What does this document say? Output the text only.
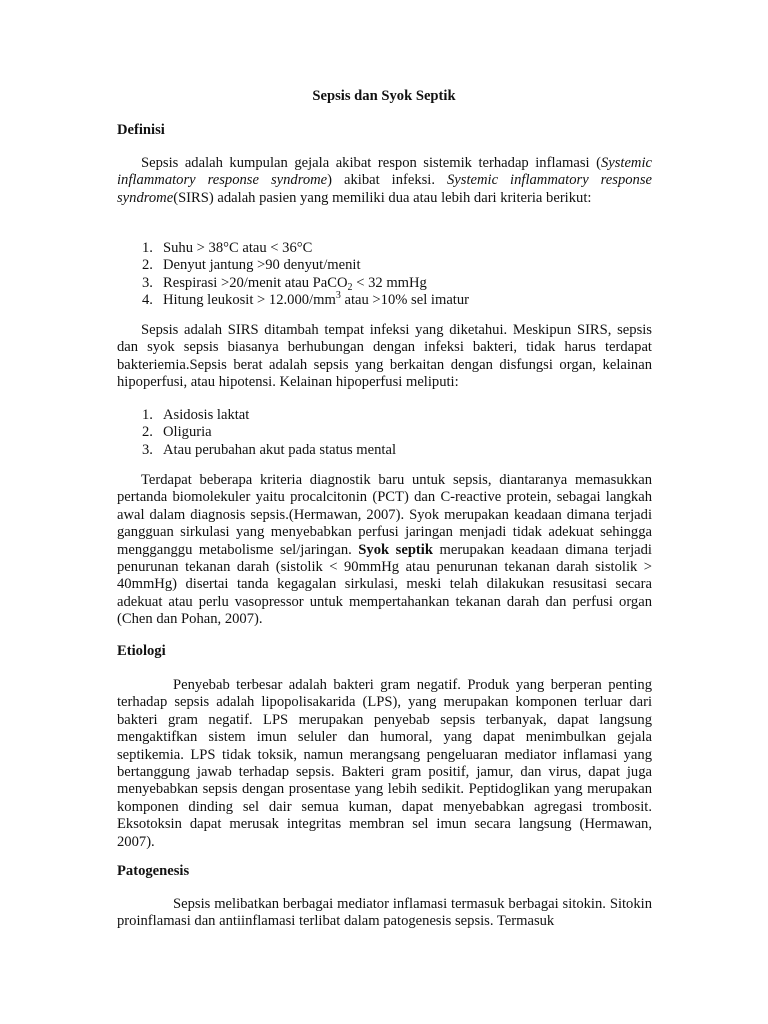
Sepsis dan Syok Septik
Definisi

Sepsis adalah kumpulan gejala akibat respon sistemik terhadap inflamasi (Systemic inflammatory response syndrome) akibat infeksi. Systemic inflammatory response syndrome(SIRS) adalah pasien yang memiliki dua atau lebih dari kriteria berikut:

1. Suhu > 38°C atau < 36°C
2. Denyut jantung >90 denyut/menit
3. Respirasi >20/menit atau PaCO$_2$ < 32 mmHg
4. Hitung leukosit > $12.000/mm^3$ atau >10% sel imatur

Sepsis adalah SIRS ditambah tempat infeksi yang diketahui. Meskipun SIRS, sepsis dan syok sepsis biasanya berhubungan dengan infeksi bakteri, tidak harus terdapat bakteriemia.Sepsis berat adalah sepsis yang berkaitan dengan disfungsi organ, kelainan hipoperfusi, atau hipotensi. Kelainan hipoperfusi meliputi:

1. Asidosis laktat
2. Oliguria
3. Atau perubahan akut pada status mental

Terdapat beberapa kriteria diagnostik baru untuk sepsis, diantaranya memasukkan pertanda biomolekuler yaitu procalcitonin (PCT) dan C-reactive protein, sebagai langkah awal dalam diagnosis sepsis.(Hermawan, 2007). Syok merupakan keadaan dimana terjadi gangguan sirkulasi yang menyebabkan perfusi jaringan menjadi tidak adekuat sehingga mengganggu metabolisme sel/jaringan. Syok septik merupakan keadaan dimana terjadi penurunan tekanan darah (sistolik < 90mmHg atau penurunan tekanan darah sistolik > 40mmHg) disertai tanda kegagalan sirkulasi, meski telah dilakukan resusitasi secara adekuat atau perlu vasopressor untuk mempertahankan tekanan darah dan perfusi organ (Chen dan Pohan, 2007).

Etiologi

Penyebab terbesar adalah bakteri gram negatif. Produk yang berperan penting terhadap sepsis adalah lipopolisakarida (LPS), yang merupakan komponen terluar dari bakteri gram negatif. LPS merupakan penyebab sepsis terbanyak, dapat langsung mengaktifkan sistem imun seluler dan humoral, yang dapat menimbulkan gejala septikemia. LPS tidak toksik, namun merangsang pengeluaran mediator inflamasi yang bertanggung jawab terhadap sepsis. Bakteri gram positif, jamur, dan virus, dapat juga menyebabkan sepsis dengan prosentase yang lebih sedikit. Peptidoglikan yang merupakan komponen dinding sel dair semua kuman, dapat menyebabkan agregasi trombosit. Eksotoksin dapat merusak integritas membran sel imun secara langsung (Hermawan, 2007).

Patogenesis

Sepsis melibatkan berbagai mediator inflamasi termasuk berbagai sitokin. Sitokin proinflamasi dan antiinflamasi terlibat dalam patogenesis sepsis. Termasuk
